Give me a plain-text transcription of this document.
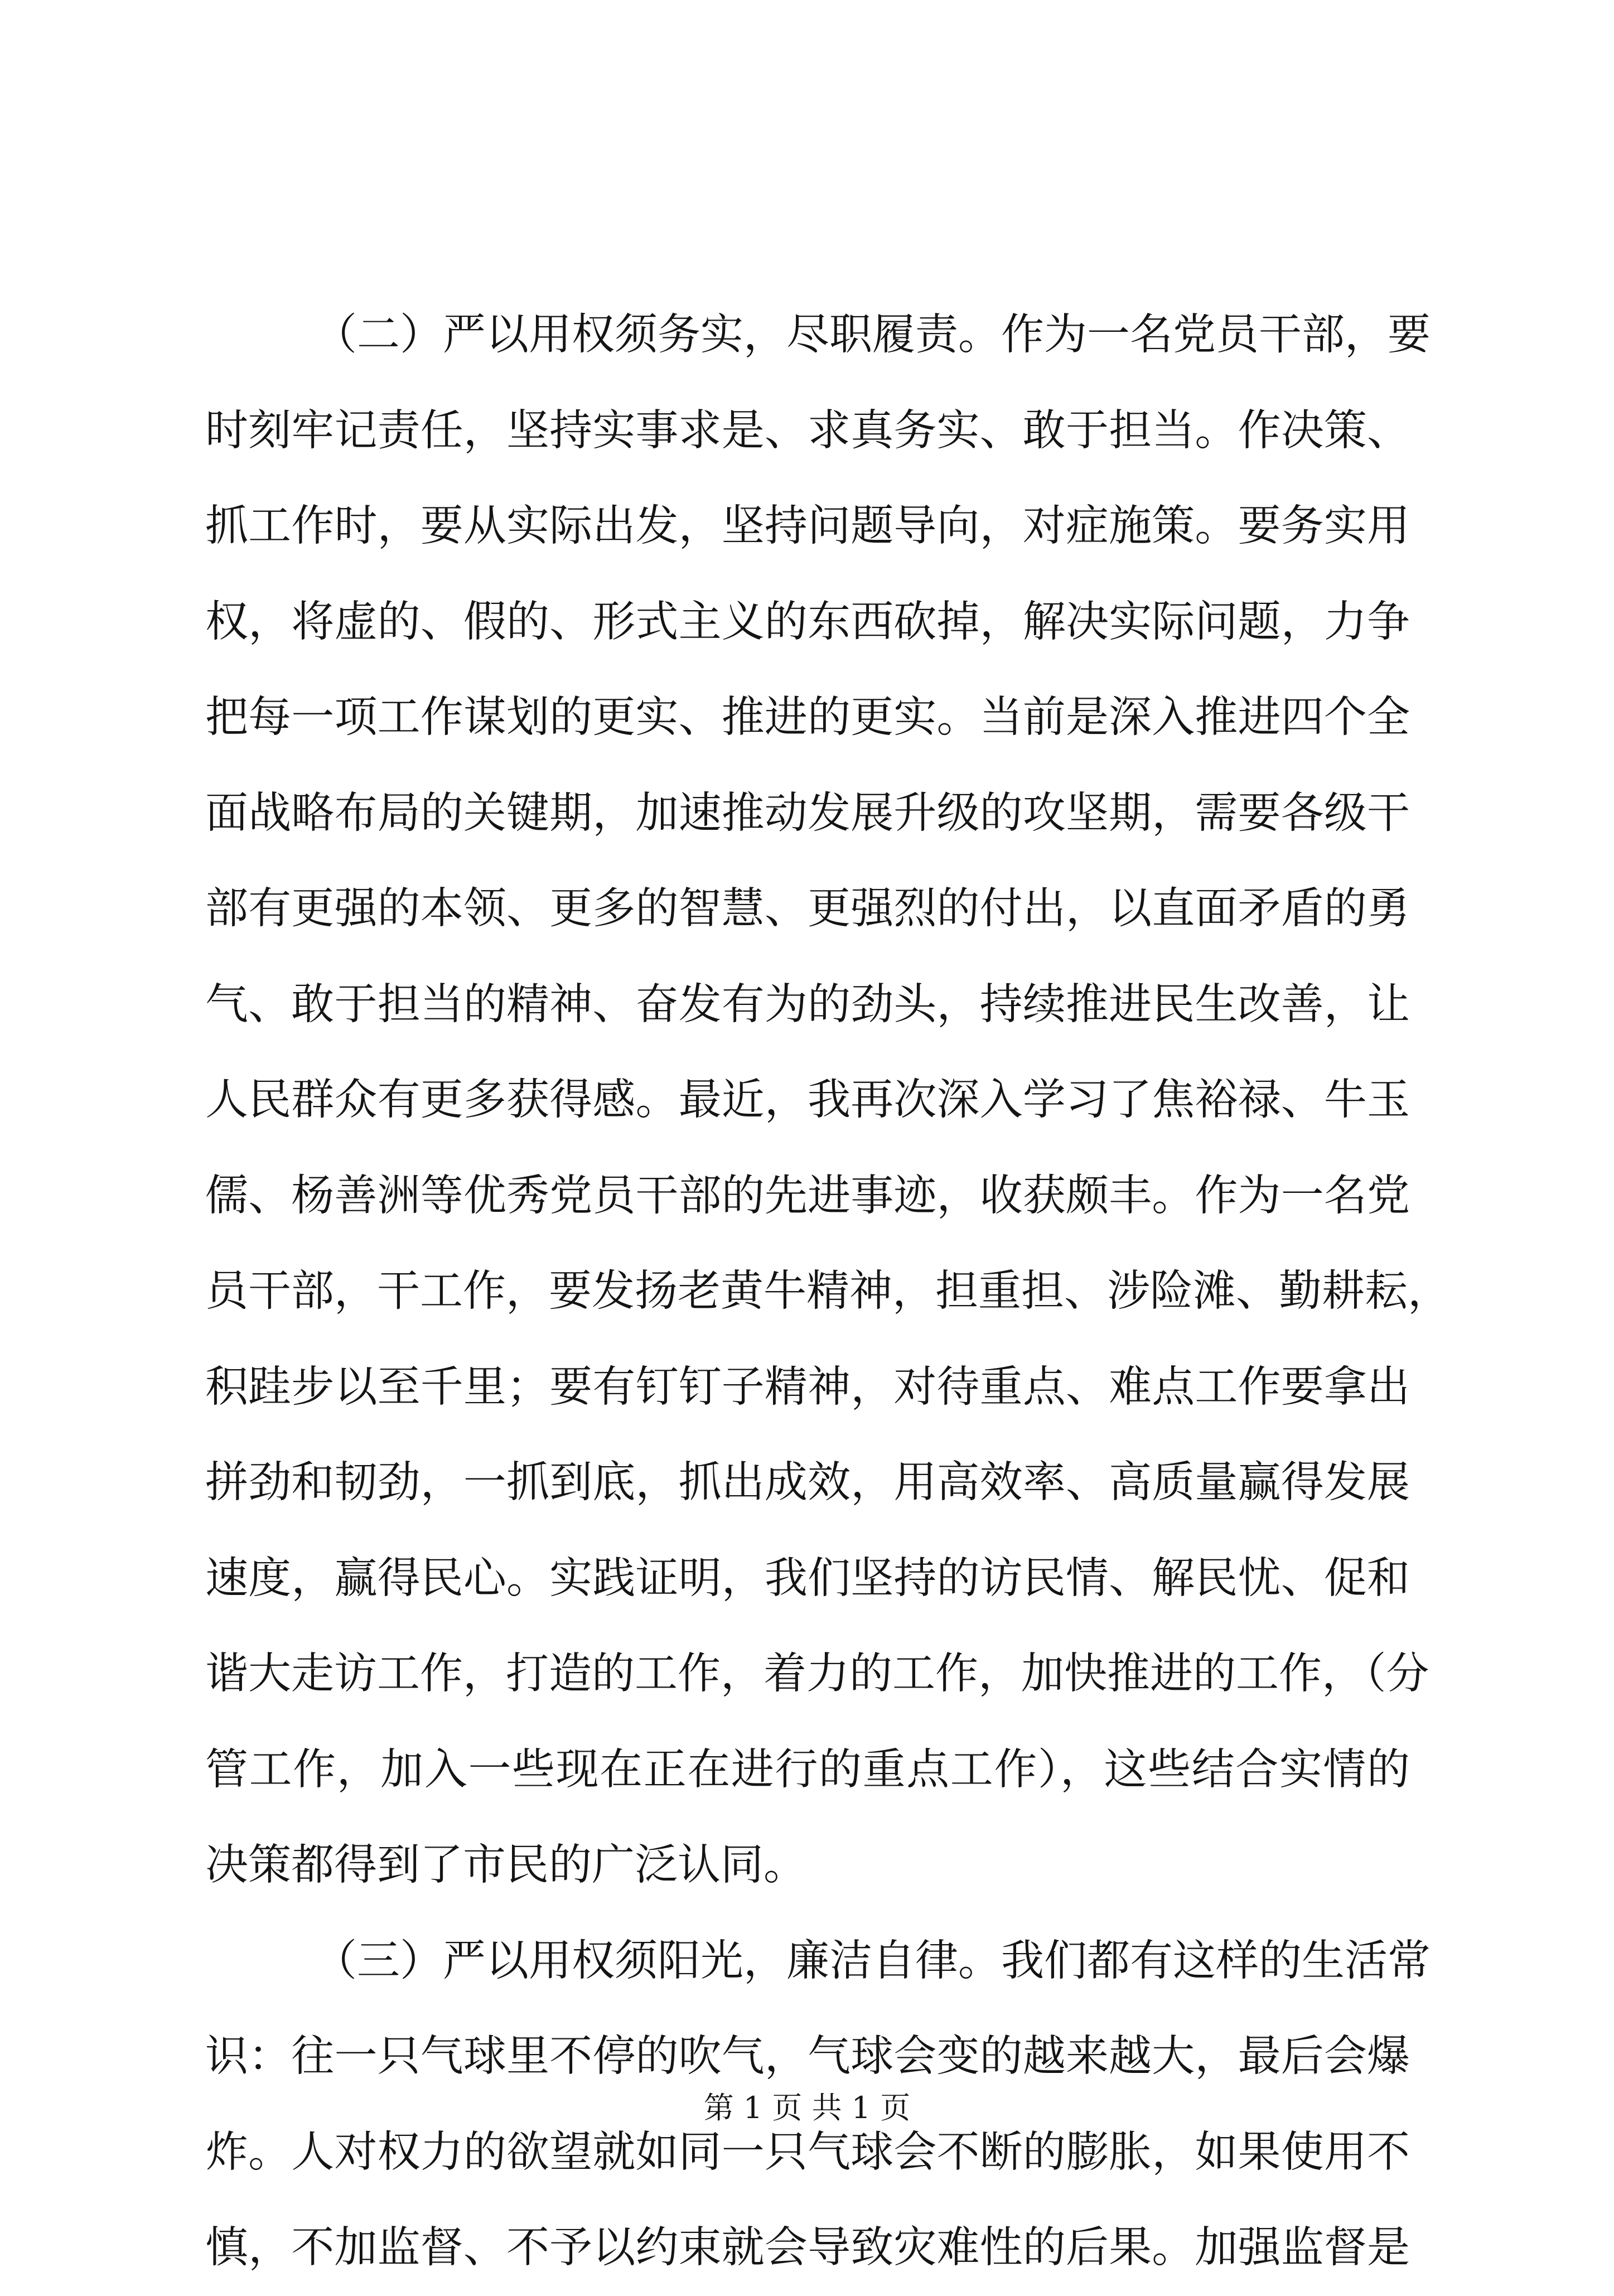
（二）严以用权须务实，尽职履责。作为一名党员干部，要
时刻牢记责任，坚持实事求是、求真务实、敢于担当。作决策、
抓工作时，要从实际出发，坚持问题导向，对症施策。要务实用
权，将虚的、假的、形式主义的东西砍掉，解决实际问题，力争
把每一项工作谋划的更实、推进的更实。当前是深入推进四个全
面战略布局的关键期，加速推动发展升级的攻坚期，需要各级干
部有更强的本领、更多的智慧、更强烈的付出，以直面矛盾的勇
气、敢于担当的精神、奋发有为的劲头，持续推进民生改善，让
人民群众有更多获得感。最近，我再次深入学习了焦裕禄、牛玉
儒、杨善洲等优秀党员干部的先进事迹，收获颇丰。作为一名党
员干部，干工作，要发扬老黄牛精神，担重担、涉险滩、勤耕耘，
积跬步以至千里；要有钉钉子精神，对待重点、难点工作要拿出
拼劲和韧劲，一抓到底，抓出成效，用高效率、高质量赢得发展
速度，赢得民心。实践证明，我们坚持的访民情、解民忧、促和
谐大走访工作，打造的工作，着力的工作，加快推进的工作，（分
管工作，加入一些现在正在进行的重点工作），这些结合实情的
决策都得到了市民的广泛认同。
（三）严以用权须阳光，廉洁自律。我们都有这样的生活常
识：往一只气球里不停的吹气，气球会变的越来越大，最后会爆
炸。人对权力的欲望就如同一只气球会不断的膨胀，如果使用不
慎，不加监督、不予以约束就会导致灾难性的后果。加强监督是
第 1 页 共 1 页
